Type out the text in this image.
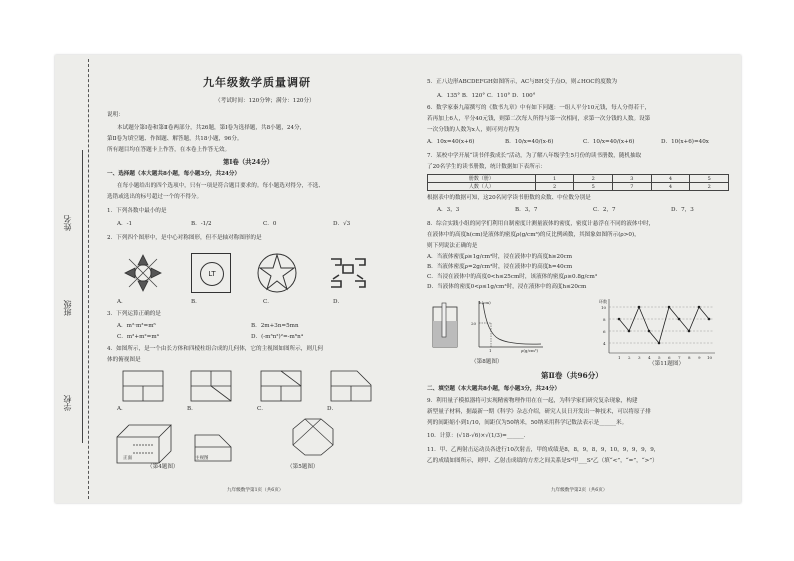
姓名
班级
学校
九年级数学质量调研
（考试时间：120分钟；满分：120分）
说明：
本试题分第Ⅰ卷和第Ⅱ卷两部分，共26题，第Ⅰ卷为选择题，共8小题，24分，
第Ⅱ卷为填空题、作图题、解答题，共18小题，96分。
所有题目均在答题卡上作答，在本卷上作答无效。
第Ⅰ卷（共24分）
一、选择题（本大题共8小题，每小题3分，共24分）
在每小题给出的四个选项中，只有一项是符合题目要求的。每小题选对得分，不选、
选错或选出的标号超过一个的不得分。
1．下列各数中最小的是
A．-1	B．-1/2	C．0	D．√3
2．下列四个图形中，是中心对称图形，但不是轴对称图形的是
LT
A．	B．	C．	D．
3．下列运算正确的是
A．m²·m³=m⁶	B．2m+3n=5mn
C．m²+m²=m⁴	D．(-m³n²)²=-m⁶n⁴
4．如图所示，是一个由长方体和四棱柱组合成的几何体，它的主视图如图所示，则几何
体的俯视图是
A．	B．	C．	D．
正面	主视图
（第4题图）	（第5题图）
九年级数学第1页（共6页）
5．正八边形ABCDEFGH如图所示，AC与BH交于点O，则∠HOC的度数为
A．135° B．120° C．110° D．100°
6．数学家秦九韶撰写的《数书九章》中有如下问题：一组人平分10元钱，每人分得若干，
若再加上6人，平分40元钱，则第二次每人所得与第一次相同，求第一次分钱的人数。设第
一次分钱的人数为x人，则可列方程为
A．10x=40(x+6)	B．10/x=40/(x-6)	C．10/x=40/(x+6)	D．10(x+6)=40x
7．某校中学开展“读书伴我成长”活动，为了解八年级学生5月份的读书册数，随机抽取
了20名学生的读书册数，统计数据如下表所示：
册数（册）	1	2	3	4	5
人数（人）	2	5	7	4	2
根据表中的数据可知，这20名同学读书册数的众数、中位数分别是
A．3，3	B．3，7	C．2，7	D．7，3
8．综合实践小组的同学们利用自制密度计测量液体的密度，密度计悬浮在不同的液体中时，
在液体中的高度h(cm)是液体的密度ρ(g/cm³)的反比例函数，其图象如图所示(ρ>0)，
则下列说法正确的是
A．当液体密度ρ≥1g/cm³时，浸在液体中的高度h≥20cm
B．当液体密度ρ=2g/cm³时，浸在液体中的高度h=40cm
C．当浸在液体中的高度0<h≤25cm时，该液体的密度ρ≥0.8g/cm³
D．当液体的密度0<ρ≤1g/cm³时，浸在液体中的高度h≤20cm
h(cm)
20
1	ρ(g/cm³)
（第8题图）
环数
10
8
6
4
1 2 3 4 5 6 7 8 9 10
（第11题图）
第Ⅱ卷（共96分）
二、填空题（本大题共8小题，每小题3分，共24分）
9．利用量子模拟器将可实现精密物理作用在在一起，为科学家们研究复杂现象，构建
新型量子材料，据最新一期《科学》杂志介绍，研究人员日开发出一种技术，可以将原子排
列的间距缩小到1/10，间距仅为50纳米，50纳米用科学记数法表示是______米。
10．计算：(√18-√6)×√(1/3)=______．
11．甲、乙两射击运动员各进行10次射击，甲的成绩是8，8，9，8，9，10，9，9，9，9，
乙的成绩如图所示，则甲、乙射击成绩的方差之间关系是S²甲___S²乙（填“<”，“=”，“>”）
九年级数学第2页（共6页）
